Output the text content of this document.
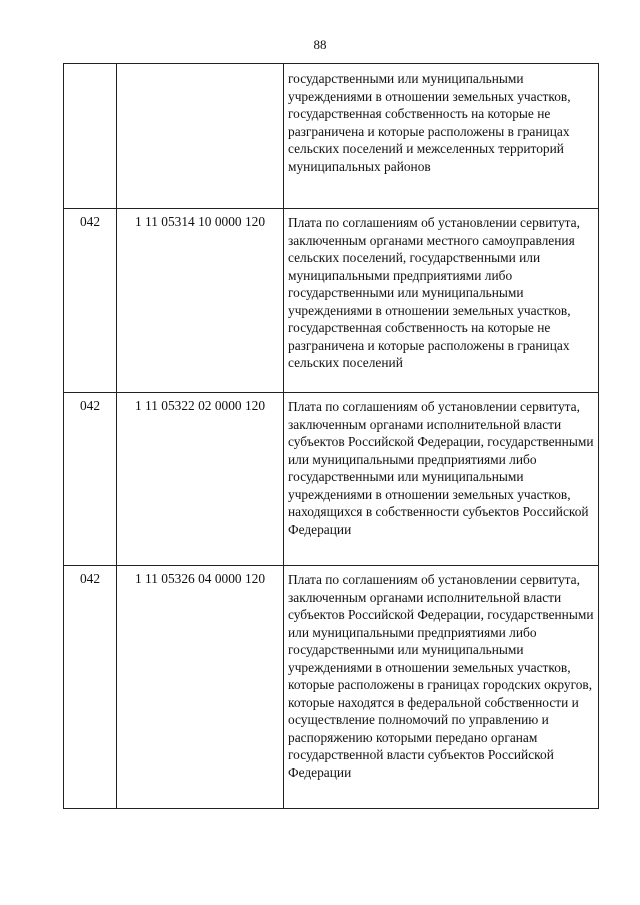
88
		государственными или муниципальными учреждениями в отношении земельных участков, государственная собственность на которые не разграничена и которые расположены в границах сельских поселений и межселенных территорий муниципальных районов
042	1 11 05314 10 0000 120	Плата по соглашениям об установлении сервитута, заключенным органами местного самоуправления сельских поселений, государственными или муниципальными предприятиями либо государственными или муниципальными учреждениями в отношении земельных участков, государственная собственность на которые не разграничена и которые расположены в границах сельских поселений
042	1 11 05322 02 0000 120	Плата по соглашениям об установлении сервитута, заключенным органами исполнительной власти субъектов Российской Федерации, государственными или муниципальными предприятиями либо государственными или муниципальными учреждениями в отношении земельных участков, находящихся в собственности субъектов Российской Федерации
042	1 11 05326 04 0000 120	Плата по соглашениям об установлении сервитута, заключенным органами исполнительной власти субъектов Российской Федерации, государственными или муниципальными предприятиями либо государственными или муниципальными учреждениями в отношении земельных участков, которые расположены в границах городских округов, которые находятся в федеральной собственности и осуществление полномочий по управлению и распоряжению которыми передано органам государственной власти субъектов Российской Федерации
